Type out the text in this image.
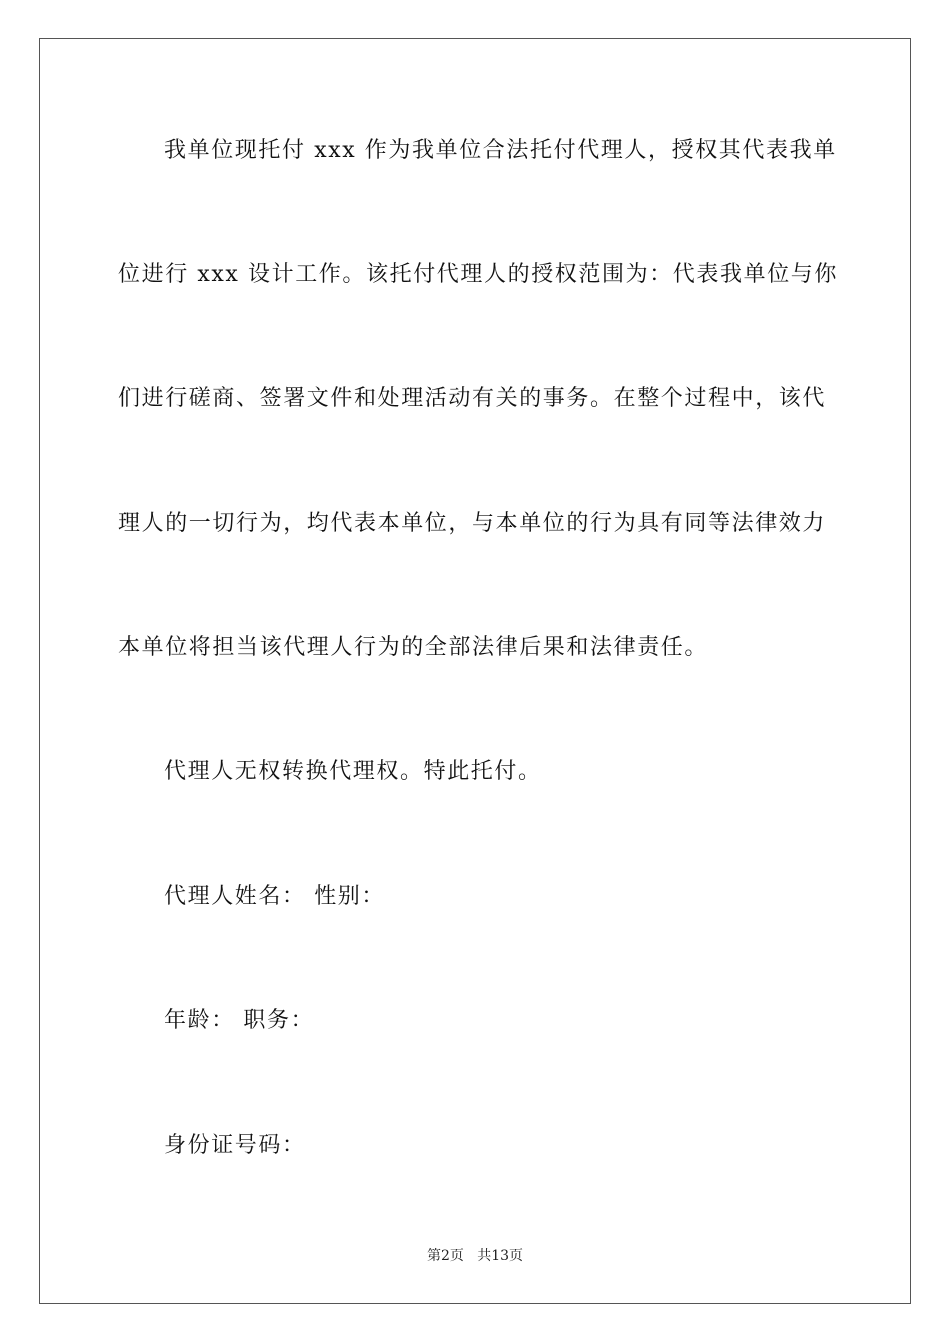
我单位现托付 xxx 作为我单位合法托付代理人，授权其代表我单
位进行 xxx 设计工作。该托付代理人的授权范围为：代表我单位与你
们进行磋商、签署文件和处理活动有关的事务。在整个过程中，该代
理人的一切行为，均代表本单位，与本单位的行为具有同等法律效力
本单位将担当该代理人行为的全部法律后果和法律责任。
代理人无权转换代理权。特此托付。
代理人姓名： 性别：
年龄： 职务：
身份证号码：
第2页   共13页
